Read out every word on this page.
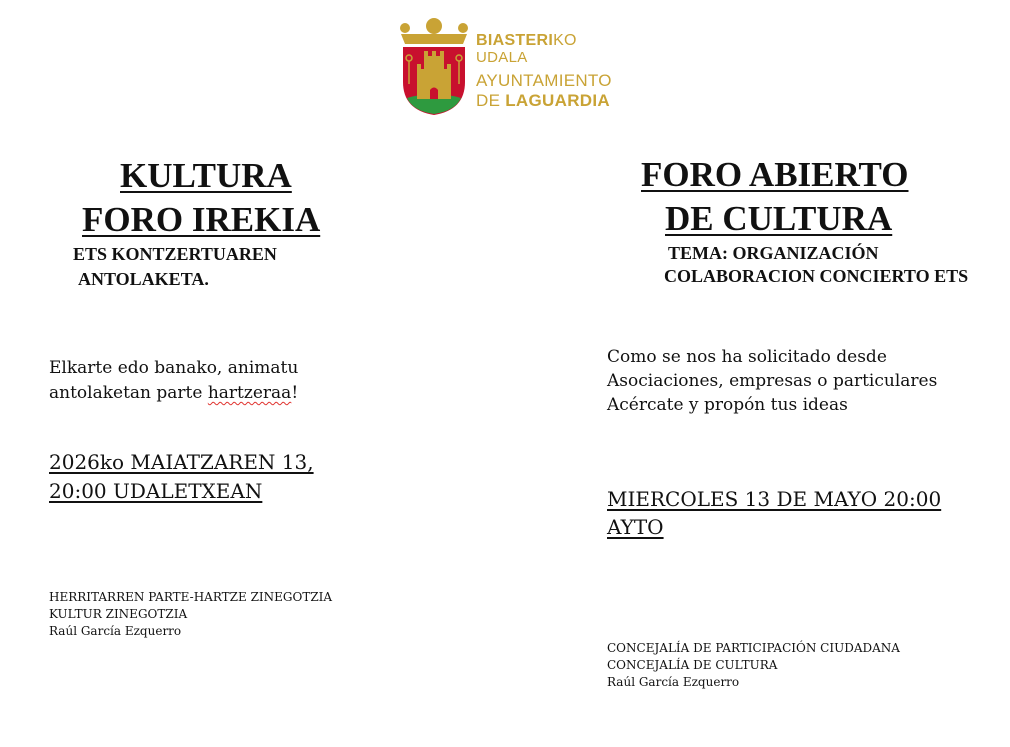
BIASTERIKO
UDALA
AYUNTAMIENTO
DE LAGUARDIA
KULTURA
FORO IREKIA
ETS KONTZERTUAREN
ANTOLAKETA.
Elkarte edo banako, animatu
antolaketan parte hartzeraa!
2026ko MAIATZAREN 13,
20:00 UDALETXEAN
HERRITARREN PARTE-HARTZE ZINEGOTZIA
KULTUR ZINEGOTZIA
Raúl García Ezquerro
FORO ABIERTO
DE CULTURA
TEMA: ORGANIZACIÓN
COLABORACION CONCIERTO ETS
Como se nos ha solicitado desde
Asociaciones, empresas o particulares
Acércate y propón tus ideas
MIERCOLES 13 DE MAYO 20:00
AYTO
CONCEJALÍA DE PARTICIPACIÓN CIUDADANA
CONCEJALÍA DE CULTURA
Raúl García Ezquerro
